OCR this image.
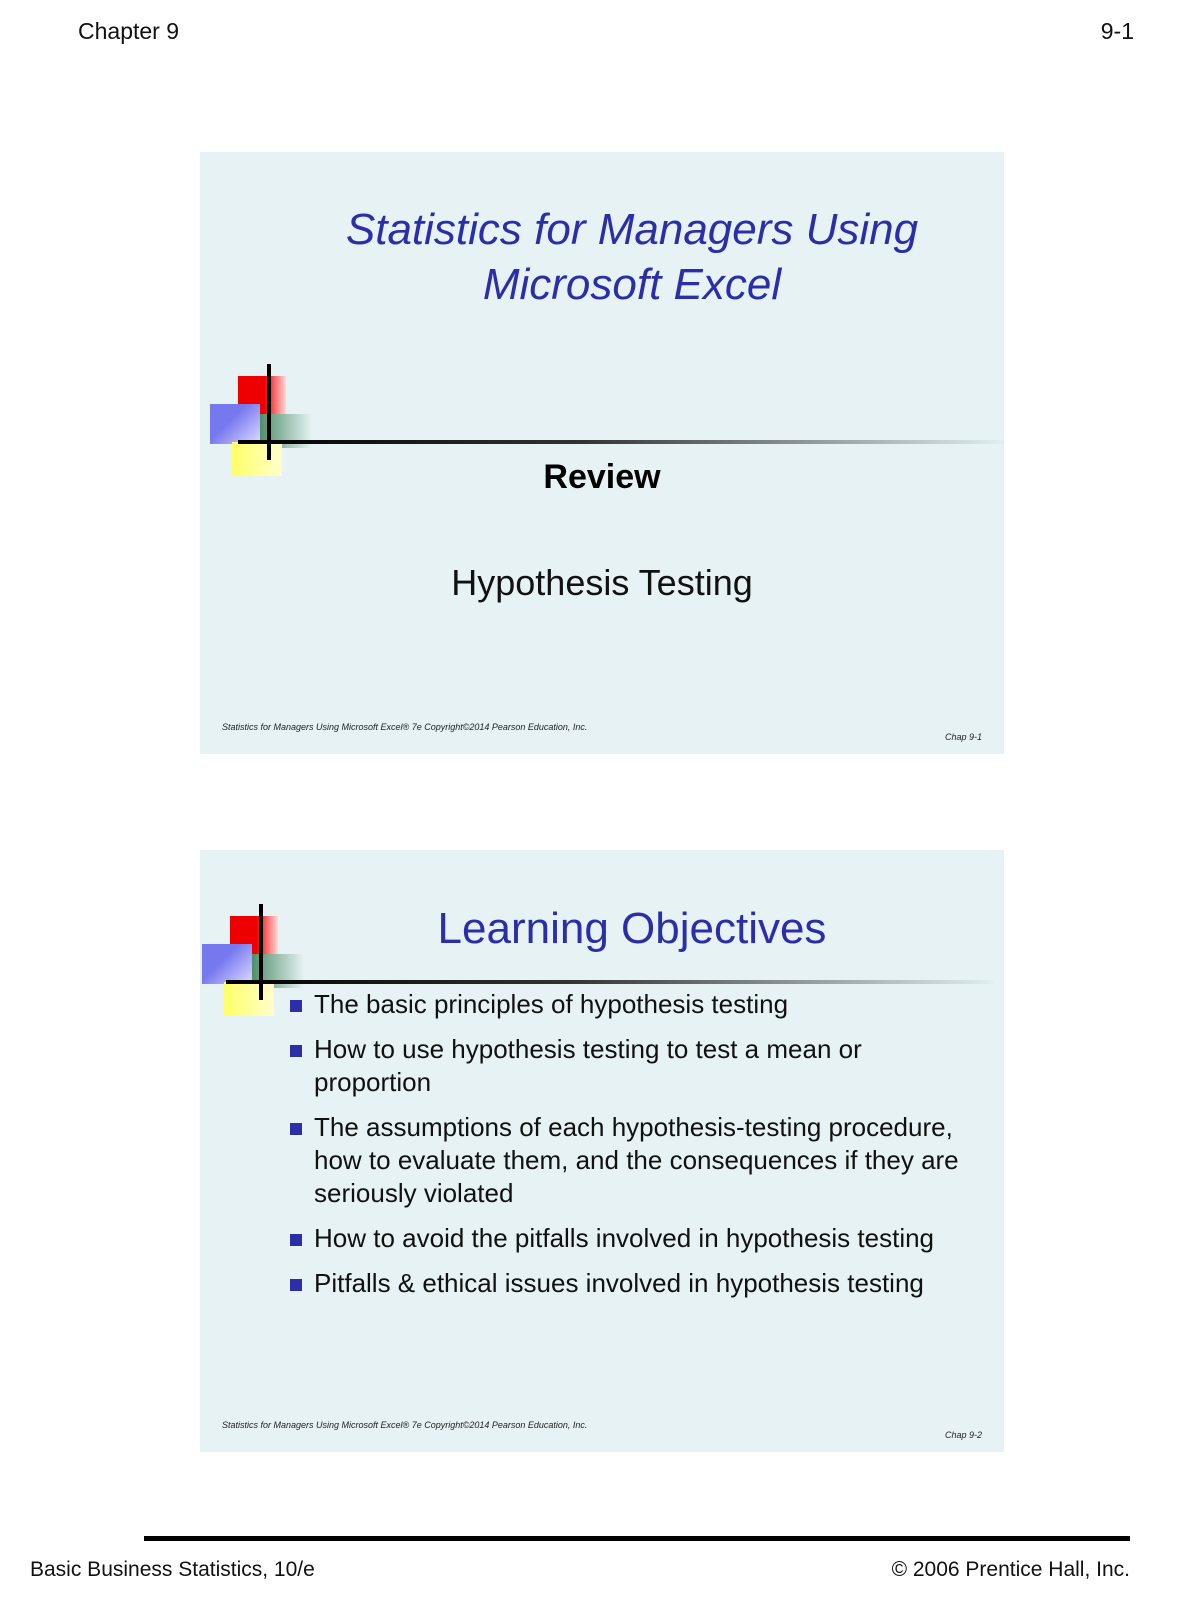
Chapter 9	9-1
Statistics for Managers Using
Microsoft Excel
Review
Hypothesis Testing
Statistics for Managers Using Microsoft Excel® 7e Copyright©2014 Pearson Education, Inc.
Chap 9-1
Learning Objectives
The basic principles of hypothesis testing
How to use hypothesis testing to test a mean or proportion
The assumptions of each hypothesis-testing procedure, how to evaluate them, and the consequences if they are seriously violated
How to avoid the pitfalls involved in hypothesis testing
Pitfalls & ethical issues involved in hypothesis testing
Statistics for Managers Using Microsoft Excel® 7e Copyright©2014 Pearson Education, Inc.
Chap 9-2
Basic Business Statistics, 10/e	© 2006 Prentice Hall, Inc.
